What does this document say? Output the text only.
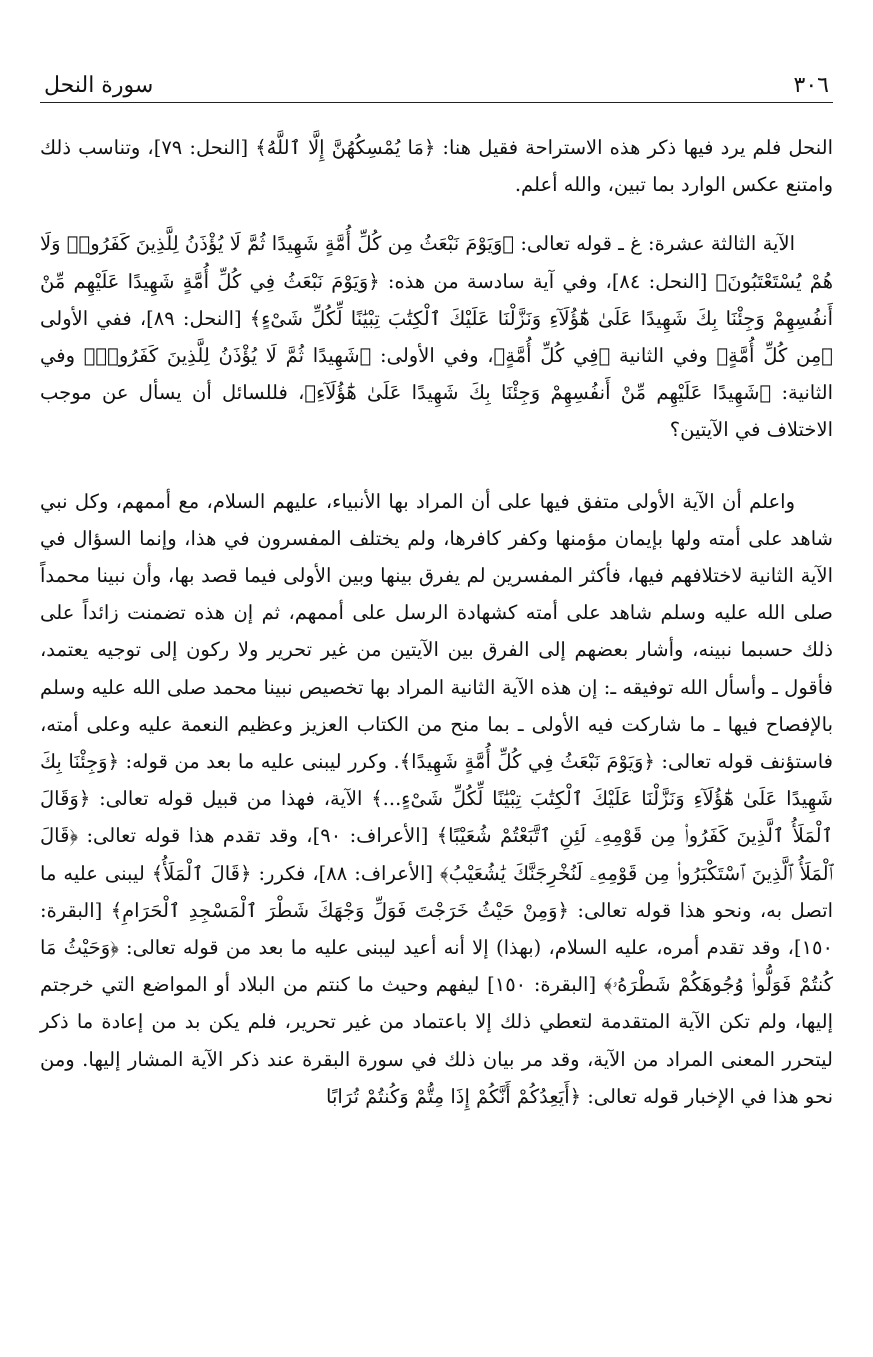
٣٠٦
سورة النحل

النحل فلم يرد فيها ذكر هذه الاستراحة فقيل هنا: ﴿مَا يُمْسِكُهُنَّ إِلَّا ٱللَّهُ﴾ [النحل: ٧٩]، وتناسب ذلك وامتنع عكس الوارد بما تبين، والله أعلم.

الآية الثالثة عشرة: غ ـ قوله تعالى: ﴿وَيَوْمَ نَبْعَثُ مِن كُلِّ أُمَّةٍ شَهِيدًا ثُمَّ لَا يُؤْذَنُ لِلَّذِينَ كَفَرُوا۟ وَلَا هُمْ يُسْتَعْتَبُونَ﴾ [النحل: ٨٤]، وفي آية سادسة من هذه: ﴿وَيَوْمَ نَبْعَثُ فِي كُلِّ أُمَّةٍ شَهِيدًا عَلَيْهِم مِّنْ أَنفُسِهِمْ وَجِئْنَا بِكَ شَهِيدًا عَلَىٰ هَٰٓؤُلَآءِ وَنَزَّلْنَا عَلَيْكَ ٱلْكِتَٰبَ تِبْيَٰنًا لِّكُلِّ شَىْءٍ﴾ [النحل: ٨٩]، ففي الأولى ﴿مِن كُلِّ أُمَّةٍ﴾ وفي الثانية ﴿فِي كُلِّ أُمَّةٍ﴾، وفي الأولى: ﴿شَهِيدًا ثُمَّ لَا يُؤْذَنُ لِلَّذِينَ كَفَرُوا۟﴾ وفي الثانية: ﴿شَهِيدًا عَلَيْهِم مِّنْ أَنفُسِهِمْ وَجِئْنَا بِكَ شَهِيدًا عَلَىٰ هَٰٓؤُلَآءِ﴾، فللسائل أن يسأل عن موجب الاختلاف في الآيتين؟

واعلم أن الآية الأولى متفق فيها على أن المراد بها الأنبياء، عليهم السلام، مع أممهم، وكل نبي شاهد على أمته ولها بإيمان مؤمنها وكفر كافرها، ولم يختلف المفسرون في هذا، وإنما السؤال في الآية الثانية لاختلافهم فيها، فأكثر المفسرين لم يفرق بينها وبين الأولى فيما قصد بها، وأن نبينا محمداً صلى الله عليه وسلم شاهد على أمته كشهادة الرسل على أممهم، ثم إن هذه تضمنت زائداً على ذلك حسبما نبينه، وأشار بعضهم إلى الفرق بين الآيتين من غير تحرير ولا ركون إلى توجيه يعتمد، فأقول ـ وأسأل الله توفيقه ـ: إن هذه الآية الثانية المراد بها تخصيص نبينا محمد صلى الله عليه وسلم بالإفصاح فيها ـ ما شاركت فيه الأولى ـ بما منح من الكتاب العزيز وعظيم النعمة عليه وعلى أمته، فاستؤنف قوله تعالى: ﴿وَيَوْمَ نَبْعَثُ فِي كُلِّ أُمَّةٍ شَهِيدًا﴾. وكرر ليبنى عليه ما بعد من قوله: ﴿وَجِئْنَا بِكَ شَهِيدًا عَلَىٰ هَٰٓؤُلَآءِ وَنَزَّلْنَا عَلَيْكَ ٱلْكِتَٰبَ تِبْيَٰنًا لِّكُلِّ شَىْءٍ...﴾ الآية، فهذا من قبيل قوله تعالى: ﴿وَقَالَ ٱلْمَلَأُ ٱلَّذِينَ كَفَرُوا۟ مِن قَوْمِهِۦ لَئِنِ ٱتَّبَعْتُمْ شُعَيْبًا﴾ [الأعراف: ٩٠]، وقد تقدم هذا قوله تعالى: ﴿قَالَ ٱلْمَلَأُ ٱلَّذِينَ ٱسْتَكْبَرُوا۟ مِن قَوْمِهِۦ لَنُخْرِجَنَّكَ يَٰشُعَيْبُ﴾ [الأعراف: ٨٨]، فكرر: ﴿قَالَ ٱلْمَلَأُ﴾ ليبنى عليه ما اتصل به، ونحو هذا قوله تعالى: ﴿وَمِنْ حَيْثُ خَرَجْتَ فَوَلِّ وَجْهَكَ شَطْرَ ٱلْمَسْجِدِ ٱلْحَرَامِ﴾ [البقرة: ١٥٠]، وقد تقدم أمره، عليه السلام، (بهذا) إلا أنه أعيد ليبنى عليه ما بعد من قوله تعالى: ﴿وَحَيْثُ مَا كُنتُمْ فَوَلُّوا۟ وُجُوهَكُمْ شَطْرَهُۥ﴾ [البقرة: ١٥٠] ليفهم وحيث ما كنتم من البلاد أو المواضع التي خرجتم إليها، ولم تكن الآية المتقدمة لتعطي ذلك إلا باعتماد من غير تحرير، فلم يكن بد من إعادة ما ذكر ليتحرر المعنى المراد من الآية، وقد مر بيان ذلك في سورة البقرة عند ذكر الآية المشار إليها. ومن نحو هذا في الإخبار قوله تعالى: ﴿أَيَعِدُكُمْ أَنَّكُمْ إِذَا مِتُّمْ وَكُنتُمْ تُرَابًا
